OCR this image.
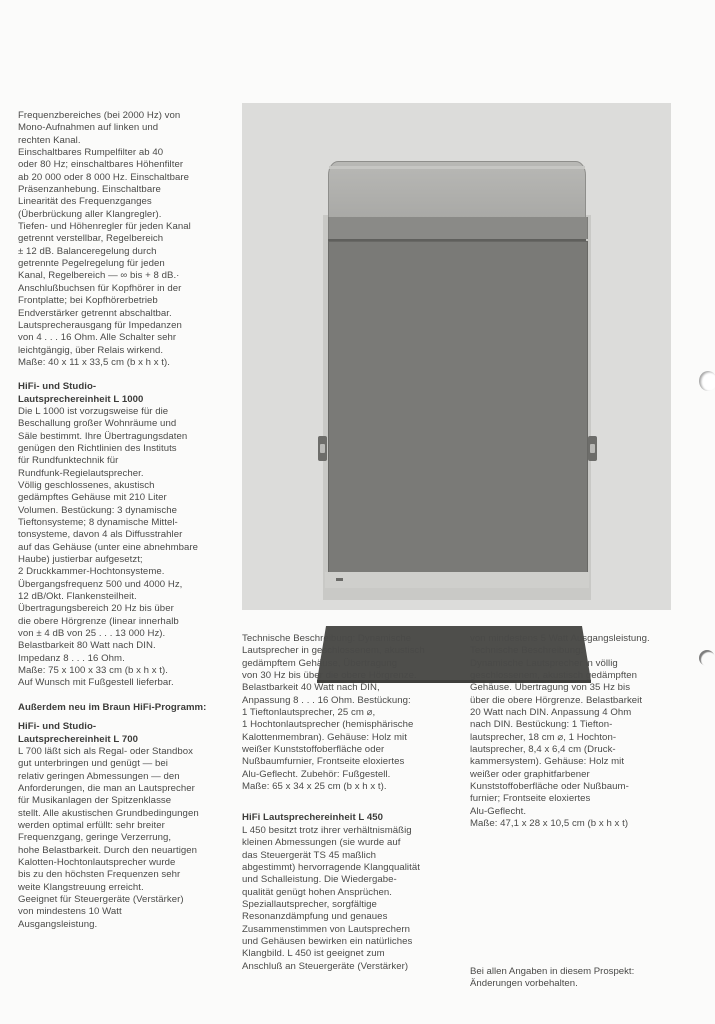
Frequenzbereiches (bei 2000 Hz) von
Mono-Aufnahmen auf linken und
rechten Kanal.
Einschaltbares Rumpelfilter ab 40
oder 80 Hz; einschaltbares Höhenfilter
ab 20 000 oder 8 000 Hz. Einschaltbare
Präsenzanhebung. Einschaltbare
Linearität des Frequenzganges
(Überbrückung aller Klangregler).
Tiefen- und Höhenregler für jeden Kanal
getrennt verstellbar, Regelbereich
± 12 dB. Balanceregelung durch
getrennte Pegelregelung für jeden
Kanal, Regelbereich — ∞ bis + 8 dB.·
Anschlußbuchsen für Kopfhörer in der
Frontplatte; bei Kopfhörerbetrieb
Endverstärker getrennt abschaltbar.
Lautsprecherausgang für Impedanzen
von 4 . . . 16 Ohm. Alle Schalter sehr
leichtgängig, über Relais wirkend.
Maße: 40 x 11 x 33,5 cm (b x h x t).
HiFi- und Studio-
Lautsprechereinheit L 1000
Die L 1000 ist vorzugsweise für die
Beschallung großer Wohnräume und
Säle bestimmt. Ihre Übertragungsdaten
genügen den Richtlinien des Instituts
für Rundfunktechnik für
Rundfunk-Regielautsprecher.
Völlig geschlossenes, akustisch
gedämpftes Gehäuse mit 210 Liter
Volumen. Bestückung: 3 dynamische
Tieftonsysteme; 8 dynamische Mittel-
tonsysteme, davon 4 als Diffusstrahler
auf das Gehäuse (unter eine abnehmbare
Haube) justierbar aufgesetzt;
2 Druckkammer-Hochtonsysteme.
Übergangsfrequenz 500 und 4000 Hz,
12 dB/Okt. Flankensteilheit.
Übertragungsbereich 20 Hz bis über
die obere Hörgrenze (linear innerhalb
von ± 4 dB von 25 . . . 13 000 Hz).
Belastbarkeit 80 Watt nach DIN.
Impedanz 8 . . . 16 Ohm.
Maße: 75 x 100 x 33 cm (b x h x t).
Auf Wunsch mit Fußgestell lieferbar.
Außerdem neu im Braun HiFi-Programm:
HiFi- und Studio-
Lautsprechereinheit L 700
L 700 läßt sich als Regal- oder Standbox
gut unterbringen und genügt — bei
relativ geringen Abmessungen — den
Anforderungen, die man an Lautsprecher
für Musikanlagen der Spitzenklasse
stellt. Alle akustischen Grundbedingungen
werden optimal erfüllt: sehr breiter
Frequenzgang, geringe Verzerrung,
hohe Belastbarkeit. Durch den neuartigen
Kalotten-Hochtonlautsprecher wurde
bis zu den höchsten Frequenzen sehr
weite Klangstreuung erreicht.
Geeignet für Steuergeräte (Verstärker)
von mindestens 10 Watt
Ausgangsleistung.
Technische Beschreibung: Dynamische
Lautsprecher in geschlossenem, akustisch
gedämpftem Gehäuse, Übertragung
von 30 Hz bis über die obere Hörgrenze.
Belastbarkeit 40 Watt nach DIN,
Anpassung 8 . . . 16 Ohm. Bestückung:
1 Tieftonlautsprecher, 25 cm ⌀,
1 Hochtonlautsprecher (hemisphärische
Kalottenmembran). Gehäuse: Holz mit
weißer Kunststoffoberfläche oder
Nußbaumfurnier, Frontseite eloxiertes
Alu-Geflecht. Zubehör: Fußgestell.
Maße: 65 x 34 x 25 cm (b x h x t).
HiFi Lautsprechereinheit L 450
L 450 besitzt trotz ihrer verhältnismäßig
kleinen Abmessungen (sie wurde auf
das Steuergerät TS 45 maßlich
abgestimmt) hervorragende Klangqualität
und Schalleistung. Die Wiedergabe-
qualität genügt hohen Ansprüchen.
Speziallautsprecher, sorgfältige
Resonanzdämpfung und genaues
Zusammenstimmen von Lautsprechern
und Gehäusen bewirken ein natürliches
Klangbild. L 450 ist geeignet zum
Anschluß an Steuergeräte (Verstärker)
von mindestens 5 Watt Ausgangsleistung.
Technische Beschreibung:
Dynamische Lautsprecher in völlig
geschlossenem, akustisch gedämpften
Gehäuse. Übertragung von 35 Hz bis
über die obere Hörgrenze. Belastbarkeit
20 Watt nach DIN. Anpassung 4 Ohm
nach DIN. Bestückung: 1 Tiefton-
lautsprecher, 18 cm ⌀, 1 Hochton-
lautsprecher, 8,4 x 6,4 cm (Druck-
kammersystem). Gehäuse: Holz mit
weißer oder graphitfarbener
Kunststoffoberfläche oder Nußbaum-
furnier; Frontseite eloxiertes
Alu-Geflecht.
Maße: 47,1 x 28 x 10,5 cm (b x h x t)
Bei allen Angaben in diesem Prospekt:
Änderungen vorbehalten.
